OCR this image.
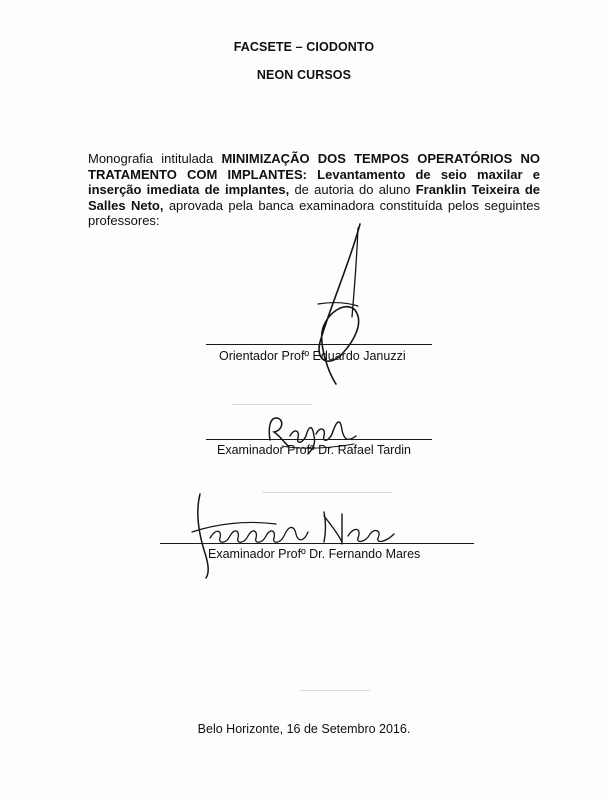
FACSETE – CIODONTO
NEON CURSOS
Monografia intitulada MINIMIZAÇÃO DOS TEMPOS OPERATÓRIOS NO TRATAMENTO COM IMPLANTES: Levantamento de seio maxilar e inserção imediata de implantes, de autoria do aluno Franklin Teixeira de Salles Neto, aprovada pela banca examinadora constituída pelos seguintes professores:
Orientador Profº Eduardo Januzzi
Examinador Profº Dr. Rafael Tardin
Examinador Profº Dr. Fernando Mares
Belo Horizonte, 16 de Setembro 2016.
